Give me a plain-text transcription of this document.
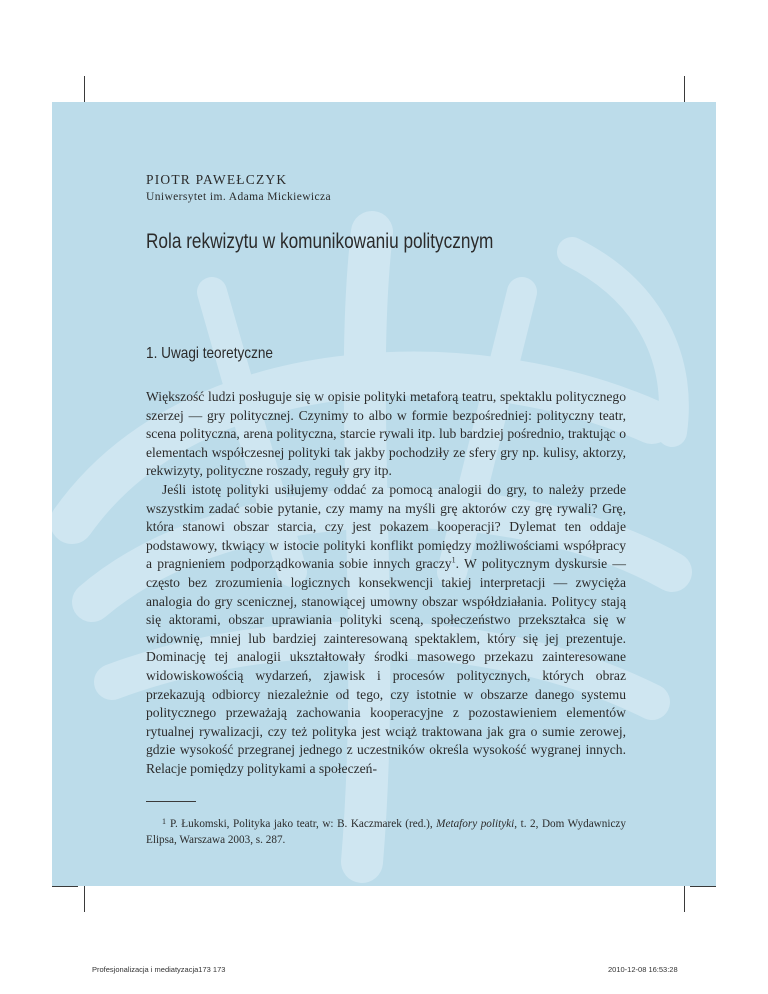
PIOTR PAWEŁCZYK
Uniwersytet im. Adama Mickiewicza
Rola rekwizytu w komunikowaniu politycznym
1. Uwagi teoretyczne

Większość ludzi posługuje się w opisie polityki metaforą teatru, spektaklu politycznego szerzej — gry politycznej. Czynimy to albo w formie bezpośredniej: polityczny teatr, scena polityczna, arena polityczna, starcie rywali itp. lub bardziej pośrednio, traktując o elementach współczesnej polityki tak jakby pochodziły ze sfery gry np. kulisy, aktorzy, rekwizyty, polityczne roszady, reguły gry itp.

Jeśli istotę polityki usiłujemy oddać za pomocą analogii do gry, to należy przede wszystkim zadać sobie pytanie, czy mamy na myśli grę aktorów czy grę rywali? Grę, która stanowi obszar starcia, czy jest pokazem kooperacji? Dylemat ten oddaje podstawowy, tkwiący w istocie polityki konflikt pomiędzy możliwościami współpracy a pragnieniem podporządkowania sobie innych graczy$^1$. W politycznym dyskursie — często bez zrozumienia logicznych konsekwencji takiej interpretacji — zwycięża analogia do gry scenicznej, stanowiącej umowny obszar współdziałania. Politycy stają się aktorami, obszar uprawiania polityki sceną, społeczeństwo przekształca się w widownię, mniej lub bardziej zainteresowaną spektaklem, który się jej prezentuje. Dominację tej analogii ukształtowały środki masowego przekazu zainteresowane widowiskowością wydarzeń, zjawisk i procesów politycznych, których obraz przekazują odbiorcy niezależnie od tego, czy istotnie w obszarze danego systemu politycznego przeważają zachowania kooperacyjne z pozostawieniem elementów rytualnej rywalizacji, czy też polityka jest wciąż traktowana jak gra o sumie zerowej, gdzie wysokość przegranej jednego z uczestników określa wysokość wygranej innych. Relacje pomiędzy politykami a społeczeń-

$^1$ P. Łukomski, Polityka jako teatr, w: B. Kaczmarek (red.), Metafory polityki, t. 2, Dom Wydawniczy Elipsa, Warszawa 2003, s. 287.
Profesjonalizacja i mediatyzacja173 173	2010-12-08 16:53:28
